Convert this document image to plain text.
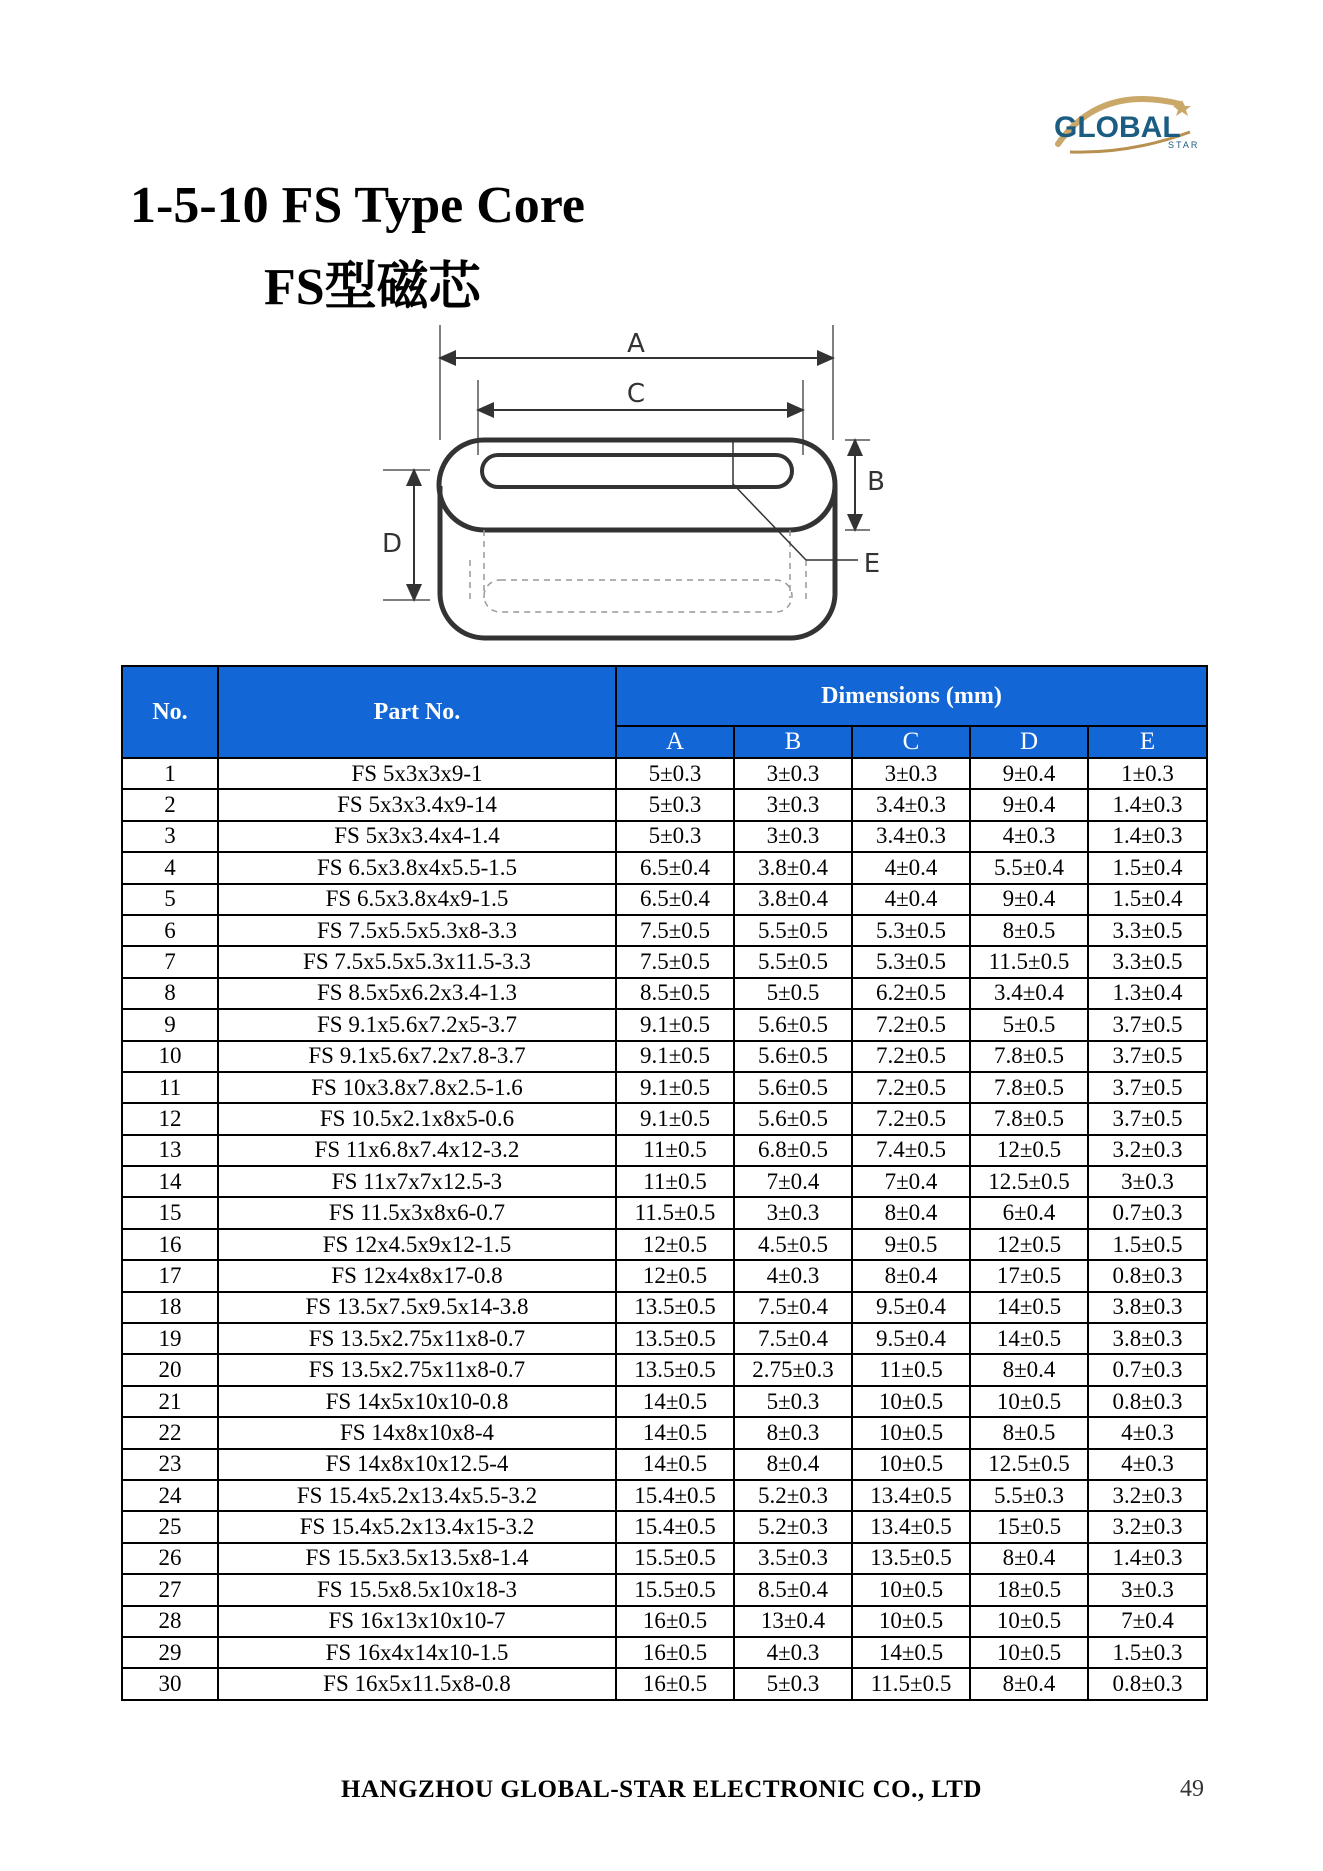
GLOBAL
STAR
1-5-10 FS Type Core
FS型磁芯
A
C
D
B
E
No.	Part No.	Dimensions (mm)				
		A	B	C	D	E
1	FS 5x3x3x9-1	5±0.3	3±0.3	3±0.3	9±0.4	1±0.3
2	FS 5x3x3.4x9-14	5±0.3	3±0.3	3.4±0.3	9±0.4	1.4±0.3
3	FS 5x3x3.4x4-1.4	5±0.3	3±0.3	3.4±0.3	4±0.3	1.4±0.3
4	FS 6.5x3.8x4x5.5-1.5	6.5±0.4	3.8±0.4	4±0.4	5.5±0.4	1.5±0.4
5	FS 6.5x3.8x4x9-1.5	6.5±0.4	3.8±0.4	4±0.4	9±0.4	1.5±0.4
6	FS 7.5x5.5x5.3x8-3.3	7.5±0.5	5.5±0.5	5.3±0.5	8±0.5	3.3±0.5
7	FS 7.5x5.5x5.3x11.5-3.3	7.5±0.5	5.5±0.5	5.3±0.5	11.5±0.5	3.3±0.5
8	FS 8.5x5x6.2x3.4-1.3	8.5±0.5	5±0.5	6.2±0.5	3.4±0.4	1.3±0.4
9	FS 9.1x5.6x7.2x5-3.7	9.1±0.5	5.6±0.5	7.2±0.5	5±0.5	3.7±0.5
10	FS 9.1x5.6x7.2x7.8-3.7	9.1±0.5	5.6±0.5	7.2±0.5	7.8±0.5	3.7±0.5
11	FS 10x3.8x7.8x2.5-1.6	9.1±0.5	5.6±0.5	7.2±0.5	7.8±0.5	3.7±0.5
12	FS 10.5x2.1x8x5-0.6	9.1±0.5	5.6±0.5	7.2±0.5	7.8±0.5	3.7±0.5
13	FS 11x6.8x7.4x12-3.2	11±0.5	6.8±0.5	7.4±0.5	12±0.5	3.2±0.3
14	FS 11x7x7x12.5-3	11±0.5	7±0.4	7±0.4	12.5±0.5	3±0.3
15	FS 11.5x3x8x6-0.7	11.5±0.5	3±0.3	8±0.4	6±0.4	0.7±0.3
16	FS 12x4.5x9x12-1.5	12±0.5	4.5±0.5	9±0.5	12±0.5	1.5±0.5
17	FS 12x4x8x17-0.8	12±0.5	4±0.3	8±0.4	17±0.5	0.8±0.3
18	FS 13.5x7.5x9.5x14-3.8	13.5±0.5	7.5±0.4	9.5±0.4	14±0.5	3.8±0.3
19	FS 13.5x2.75x11x8-0.7	13.5±0.5	7.5±0.4	9.5±0.4	14±0.5	3.8±0.3
20	FS 13.5x2.75x11x8-0.7	13.5±0.5	2.75±0.3	11±0.5	8±0.4	0.7±0.3
21	FS 14x5x10x10-0.8	14±0.5	5±0.3	10±0.5	10±0.5	0.8±0.3
22	FS 14x8x10x8-4	14±0.5	8±0.3	10±0.5	8±0.5	4±0.3
23	FS 14x8x10x12.5-4	14±0.5	8±0.4	10±0.5	12.5±0.5	4±0.3
24	FS 15.4x5.2x13.4x5.5-3.2	15.4±0.5	5.2±0.3	13.4±0.5	5.5±0.3	3.2±0.3
25	FS 15.4x5.2x13.4x15-3.2	15.4±0.5	5.2±0.3	13.4±0.5	15±0.5	3.2±0.3
26	FS 15.5x3.5x13.5x8-1.4	15.5±0.5	3.5±0.3	13.5±0.5	8±0.4	1.4±0.3
27	FS 15.5x8.5x10x18-3	15.5±0.5	8.5±0.4	10±0.5	18±0.5	3±0.3
28	FS 16x13x10x10-7	16±0.5	13±0.4	10±0.5	10±0.5	7±0.4
29	FS 16x4x14x10-1.5	16±0.5	4±0.3	14±0.5	10±0.5	1.5±0.3
30	FS 16x5x11.5x8-0.8	16±0.5	5±0.3	11.5±0.5	8±0.4	0.8±0.3
HANGZHOU GLOBAL-STAR ELECTRONIC CO., LTD	49
